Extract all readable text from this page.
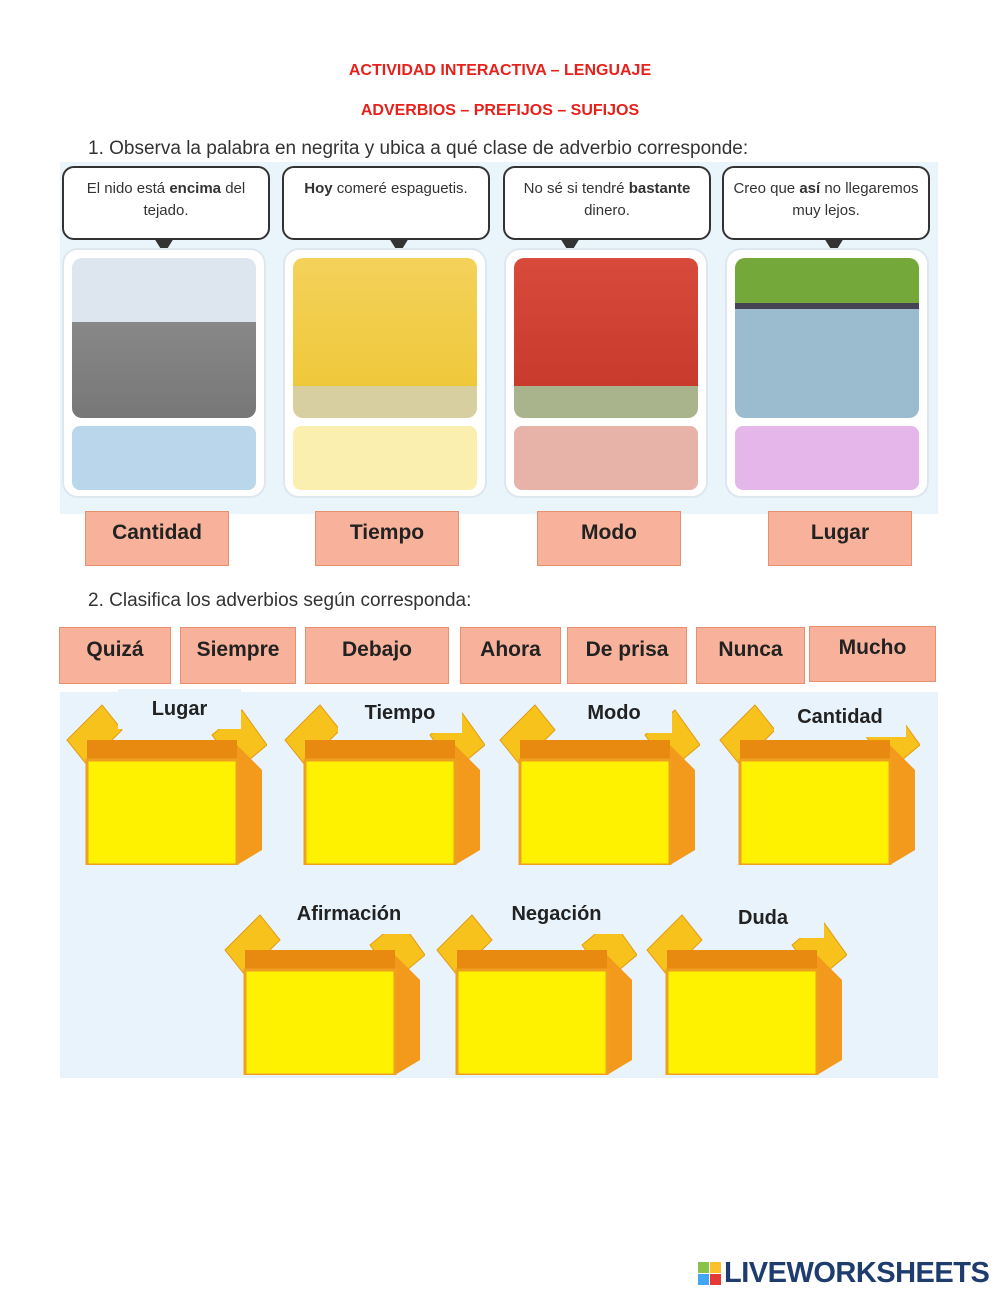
ACTIVIDAD INTERACTIVA – LENGUAJE
ADVERBIOS – PREFIJOS – SUFIJOS
1. Observa la palabra en negrita y ubica a qué clase de adverbio corresponde:
El nido está encima del tejado.
Hoy comeré espaguetis.	No sé si tendré bastante dinero.
Creo que así no llegaremos muy lejos.
Cantidad	Tiempo	Modo	Lugar
2. Clasifica los adverbios según corresponda:
Quizá	Siempre	Debajo	Ahora	De prisa	Nunca	Mucho
Lugar	Tiempo	Modo	Cantidad
Afirmación	Negación	Duda
LIVEWORKSHEETS
